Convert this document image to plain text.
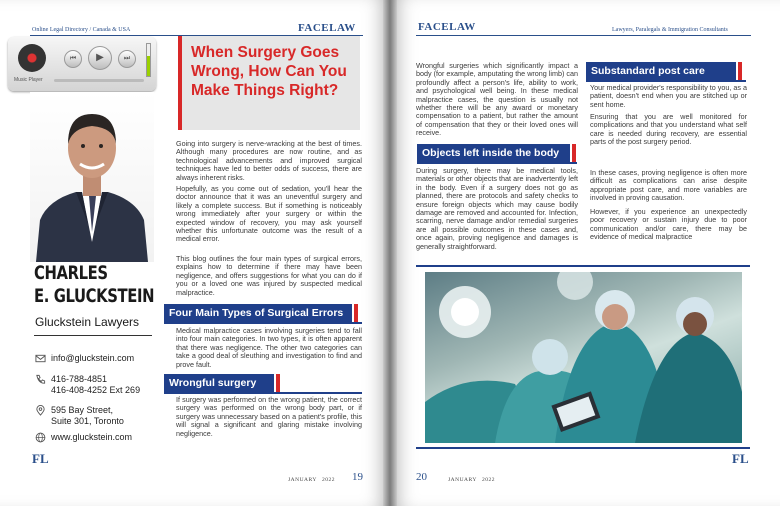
Online Legal Directory / Canada & USA	FACELAW
Music Player
⏮	▶	⏭
CHARLES
E. GLUCKSTEIN
Gluckstein Lawyers
info@gluckstein.com
416-788-4851
416-408-4252 Ext 269
595 Bay Street,
Suite 301, Toronto
www.gluckstein.com
When Surgery Goes Wrong, How Can You Make Things Right?
Going into surgery is nerve-wracking at the best of times. Although many procedures are now routine, and as technological advancements and improved surgical techniques have led to better odds of success, there are always inherent risks.
Hopefully, as you come out of sedation, you'll hear the doctor announce that it was an uneventful surgery and likely a complete success. But if something is noticeably wrong immediately after your surgery or within the expected window of recovery, you may ask yourself whether this unfortunate outcome was the result of a medical error.
This blog outlines the four main types of surgical errors, explains how to determine if there may have been negligence, and offers suggestions for what you can do if you or a loved one was injured by suspected medical malpractice.
Four Main Types of Surgical Errors
Medical malpractice cases involving surgeries tend to fall into four main categories. In two types, it is often apparent that there was negligence. The other two categories can take a good deal of sleuthing and investigation to find and prove fault.
Wrongful surgery
If surgery was performed on the wrong patient, the correct surgery was performed on the wrong body part, or if surgery was unnecessary based on a patient's profile, this will signal a significant and glaring mistake involving negligence.
FL
JANUARY 2022 19
FACELAW	Lawyers, Paralegals & Immigration Consultants
Wrongful surgeries which significantly impact a body (for example, amputating the wrong limb) can profoundly affect a person's life, ability to work, and psychological well being. In these medical malpractice cases, the question is usually not whether there will be any award or monetary compensation to a patient, but rather the amount of compensation that they or their loved ones will receive.
Objects left inside the body
During surgery, there may be medical tools, materials or other objects that are inadvertently left in the body. Even if a surgery does not go as planned, there are protocols and safety checks to ensure foreign objects which may cause bodily damage are removed and accounted for. Infection, scarring, nerve damage and/or remedial surgeries are all possible outcomes in these cases and, once again, proving negligence and damages is generally straightforward.
Substandard post care
Your medical provider's responsibility to you, as a patient, doesn't end when you are stitched up or sent home.
Ensuring that you are well monitored for complications and that you understand what self care is needed during recovery, are essential parts of the post surgery period.
In these cases, proving negligence is often more difficult as complications can arise despite appropriate post care, and more variables are involved in proving causation.
However, if you experience an unexpectedly poor recovery or sustain injury due to poor communication and/or care, there may be evidence of medical malpractice
20	JANUARY 2022
FL
